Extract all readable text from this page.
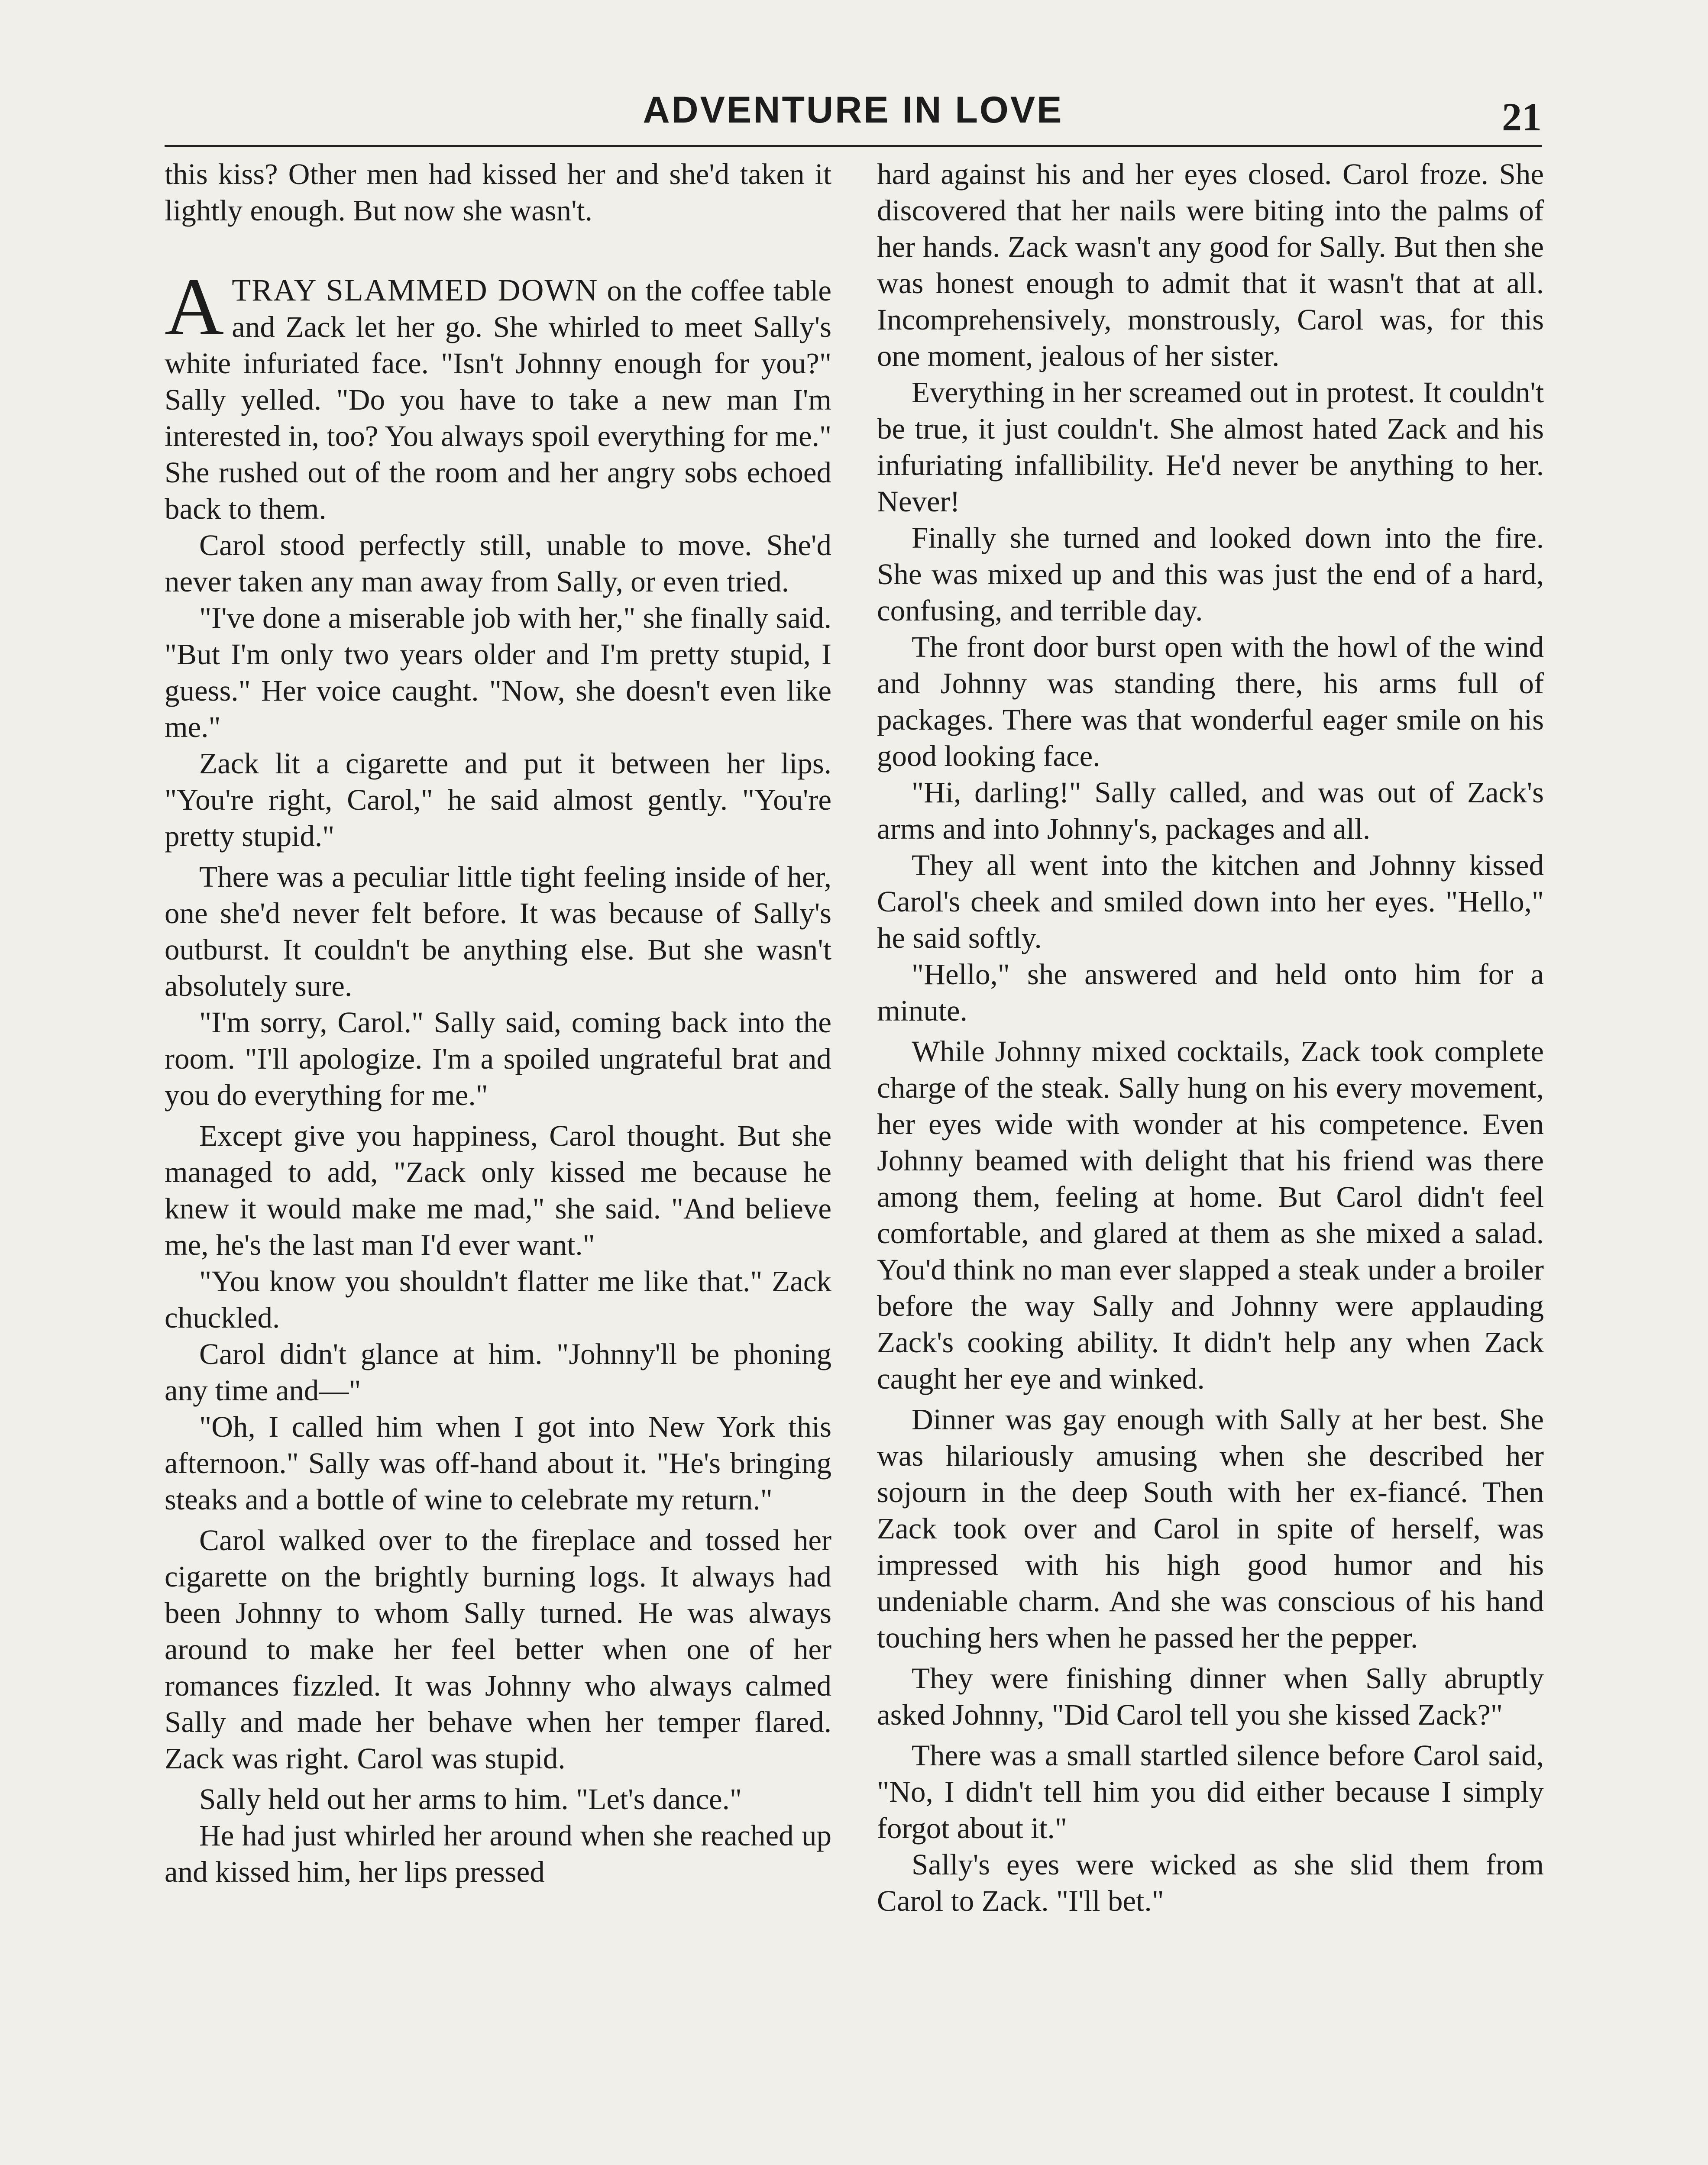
ADVENTURE IN LOVE	21

this kiss? Other men had kissed her and she'd taken it lightly enough. But now she wasn't.

ATRAY SLAMMED DOWN on the coffee table and Zack let her go. She whirled to meet Sally's white infuriated face. "Isn't Johnny enough for you?" Sally yelled. "Do you have to take a new man I'm interested in, too? You always spoil everything for me." She rushed out of the room and her angry sobs echoed back to them.

Carol stood perfectly still, unable to move. She'd never taken any man away from Sally, or even tried.

"I've done a miserable job with her," she finally said. "But I'm only two years older and I'm pretty stupid, I guess." Her voice caught. "Now, she doesn't even like me."

Zack lit a cigarette and put it between her lips. "You're right, Carol," he said almost gently. "You're pretty stupid."

There was a peculiar little tight feeling inside of her, one she'd never felt before. It was because of Sally's outburst. It couldn't be anything else. But she wasn't absolutely sure.

"I'm sorry, Carol." Sally said, coming back into the room. "I'll apologize. I'm a spoiled ungrateful brat and you do everything for me."

Except give you happiness, Carol thought. But she managed to add, "Zack only kissed me because he knew it would make me mad," she said. "And believe me, he's the last man I'd ever want."

"You know you shouldn't flatter me like that." Zack chuckled.

Carol didn't glance at him. "Johnny'll be phoning any time and—"

"Oh, I called him when I got into New York this afternoon." Sally was off-hand about it. "He's bringing steaks and a bottle of wine to celebrate my return."

Carol walked over to the fireplace and tossed her cigarette on the brightly burning logs. It always had been Johnny to whom Sally turned. He was always around to make her feel better when one of her romances fizzled. It was Johnny who always calmed Sally and made her behave when her temper flared. Zack was right. Carol was stupid.

Sally held out her arms to him. "Let's dance."

He had just whirled her around when she reached up and kissed him, her lips pressed

hard against his and her eyes closed. Carol froze. She discovered that her nails were biting into the palms of her hands. Zack wasn't any good for Sally. But then she was honest enough to admit that it wasn't that at all. Incomprehensively, monstrously, Carol was, for this one moment, jealous of her sister.

Everything in her screamed out in protest. It couldn't be true, it just couldn't. She almost hated Zack and his infuriating infallibility. He'd never be anything to her. Never!

Finally she turned and looked down into the fire. She was mixed up and this was just the end of a hard, confusing, and terrible day.

The front door burst open with the howl of the wind and Johnny was standing there, his arms full of packages. There was that wonderful eager smile on his good looking face.

"Hi, darling!" Sally called, and was out of Zack's arms and into Johnny's, packages and all.

They all went into the kitchen and Johnny kissed Carol's cheek and smiled down into her eyes. "Hello," he said softly.

"Hello," she answered and held onto him for a minute.

While Johnny mixed cocktails, Zack took complete charge of the steak. Sally hung on his every movement, her eyes wide with wonder at his competence. Even Johnny beamed with delight that his friend was there among them, feeling at home. But Carol didn't feel comfortable, and glared at them as she mixed a salad. You'd think no man ever slapped a steak under a broiler before the way Sally and Johnny were applauding Zack's cooking ability. It didn't help any when Zack caught her eye and winked.

Dinner was gay enough with Sally at her best. She was hilariously amusing when she described her sojourn in the deep South with her ex-fiancé. Then Zack took over and Carol in spite of herself, was impressed with his high good humor and his undeniable charm. And she was conscious of his hand touching hers when he passed her the pepper.

They were finishing dinner when Sally abruptly asked Johnny, "Did Carol tell you she kissed Zack?"

There was a small startled silence before Carol said, "No, I didn't tell him you did either because I simply forgot about it."

Sally's eyes were wicked as she slid them from Carol to Zack. "I'll bet."
